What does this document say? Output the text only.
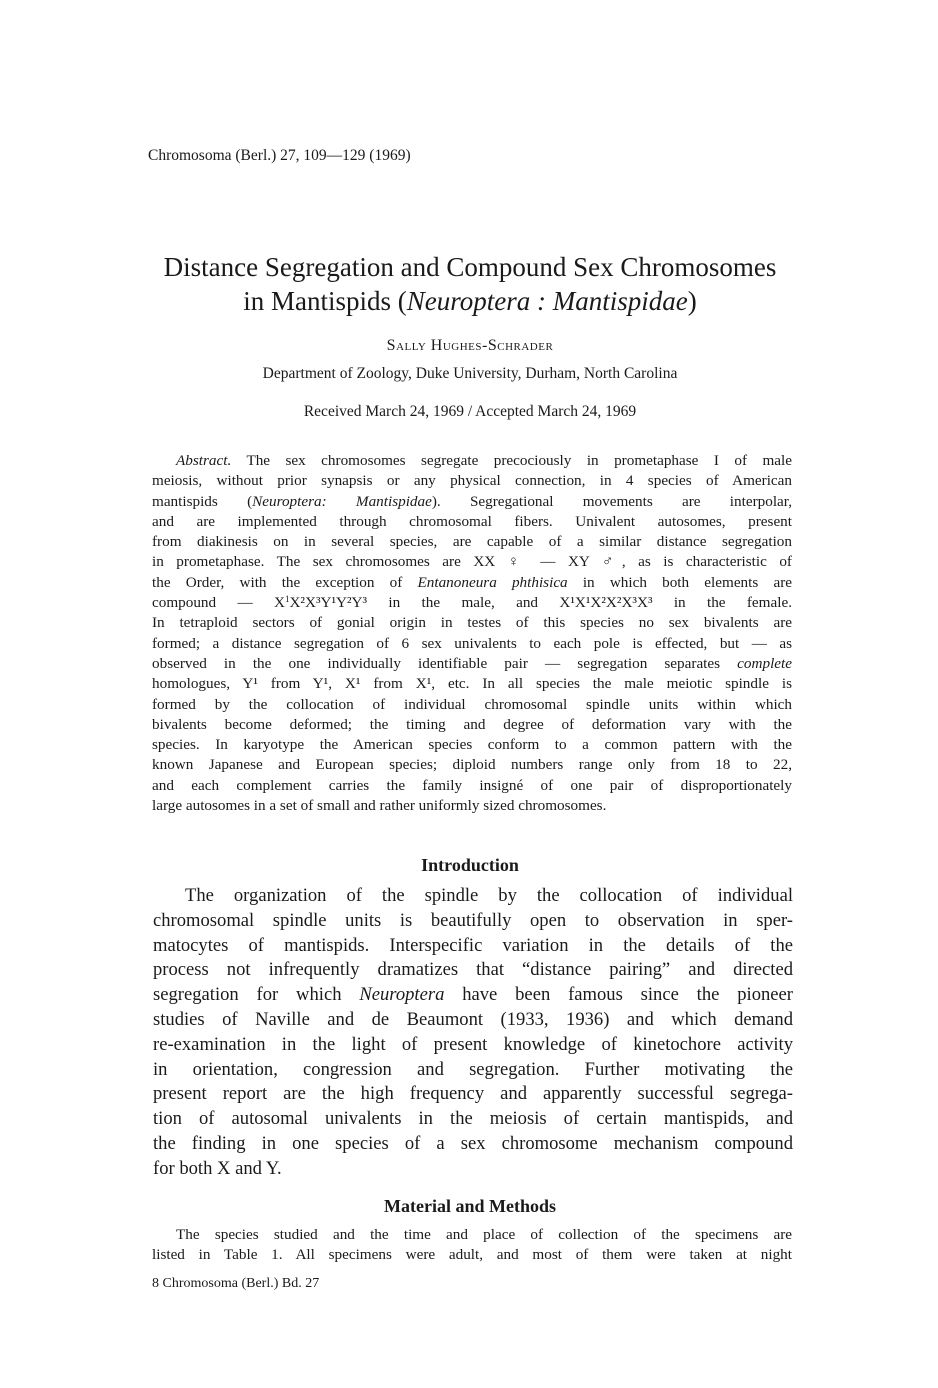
Chromosoma (Berl.) 27, 109—129 (1969)
Distance Segregation and Compound Sex Chromosomes
in Mantispids (Neuroptera : Mantispidae)
Sally Hughes-Schrader
Department of Zoology, Duke University, Durham, North Carolina
Received March 24, 1969 / Accepted March 24, 1969
Abstract. The sex chromosomes segregate precociously in prometaphase I of male
meiosis, without prior synapsis or any physical connection, in 4 species of American
mantispids (Neuroptera: Mantispidae). Segregational movements are interpolar,
and are implemented through chromosomal fibers. Univalent autosomes, present
from diakinesis on in several species, are capable of a similar distance segregation
in prometaphase. The sex chromosomes are XX ♀ — XY ♂, as is characteristic of
the Order, with the exception of Entanoneura phthisica in which both elements are
compound — $X^1X^2X^3Y^1Y^2Y^3$ in the male, and X¹X¹X²X²X³X³ in the female.
In tetraploid sectors of gonial origin in testes of this species no sex bivalents are
formed; a distance segregation of 6 sex univalents to each pole is effected, but — as
observed in the one individually identifiable pair — segregation separates complete
homologues, Y¹ from Y¹, X¹ from X¹, etc. In all species the male meiotic spindle is
formed by the collocation of individual chromosomal spindle units within which
bivalents become deformed; the timing and degree of deformation vary with the
species. In karyotype the American species conform to a common pattern with the
known Japanese and European species; diploid numbers range only from 18 to 22,
and each complement carries the family insigné of one pair of disproportionately
large autosomes in a set of small and rather uniformly sized chromosomes.
Introduction
The organization of the spindle by the collocation of individual
chromosomal spindle units is beautifully open to observation in sper-
matocytes of mantispids. Interspecific variation in the details of the
process not infrequently dramatizes that “distance pairing” and directed
segregation for which Neuroptera have been famous since the pioneer
studies of Naville and de Beaumont (1933, 1936) and which demand
re-examination in the light of present knowledge of kinetochore activity
in orientation, congression and segregation. Further motivating the
present report are the high frequency and apparently successful segrega-
tion of autosomal univalents in the meiosis of certain mantispids, and
the finding in one species of a sex chromosome mechanism compound
for both X and Y.
Material and Methods
The species studied and the time and place of collection of the specimens are
listed in Table 1. All specimens were adult, and most of them were taken at night
8 Chromosoma (Berl.) Bd. 27
